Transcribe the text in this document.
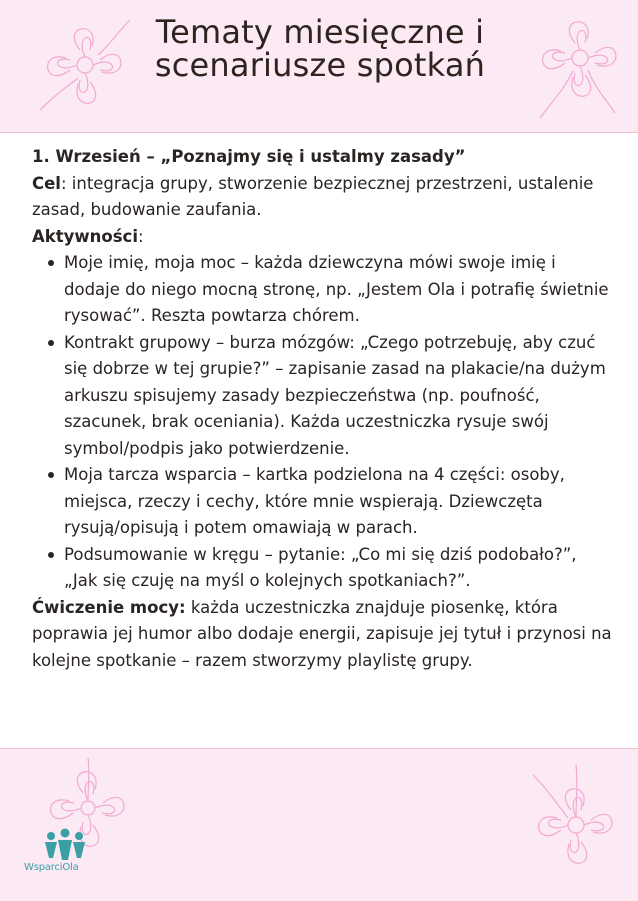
Tematy miesięczne i
scenariusze spotkań

1. Wrzesień – „Poznajmy się i ustalmy zasady”

Cel: integracja grupy, stworzenie bezpiecznej przestrzeni, ustalenie zasad, budowanie zaufania.

Aktywności:

Moje imię, moja moc – każda dziewczyna mówi swoje imię i dodaje do niego mocną stronę, np. „Jestem Ola i potrafię świetnie rysować”. Reszta powtarza chórem.
Kontrakt grupowy – burza mózgów: „Czego potrzebuję, aby czuć się dobrze w tej grupie?” – zapisanie zasad na plakacie/na dużym arkuszu spisujemy zasady bezpieczeństwa (np. poufność, szacunek, brak oceniania). Każda uczestniczka rysuje swój symbol/podpis jako potwierdzenie.
Moja tarcza wsparcia – kartka podzielona na 4 części: osoby, miejsca, rzeczy i cechy, które mnie wspierają. Dziewczęta rysują/opisują i potem omawiają w parach.
Podsumowanie w kręgu – pytanie: „Co mi się dziś podobało?”, „Jak się czuję na myśl o kolejnych spotkaniach?”.

Ćwiczenie mocy: każda uczestniczka znajduje piosenkę, która poprawia jej humor albo dodaje energii, zapisuje jej tytuł i przynosi na kolejne spotkanie – razem stworzymy playlistę grupy.

WsparciOla
